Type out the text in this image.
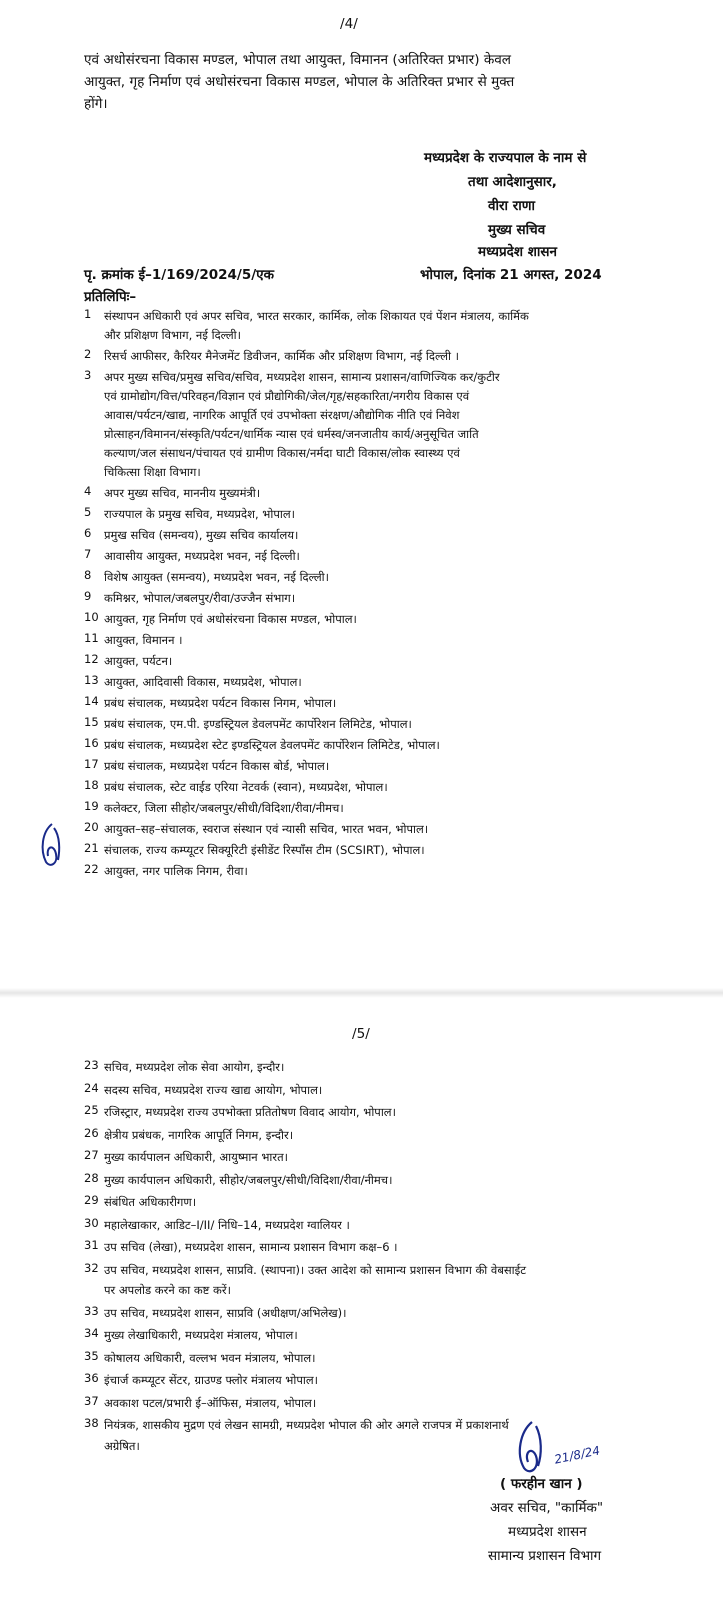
/4/
एवं अधोसंरचना विकास मण्डल, भोपाल तथा आयुक्त, विमानन (अतिरिक्त प्रभार) केवल
आयुक्त, गृह निर्माण एवं अधोसंरचना विकास मण्डल, भोपाल के अतिरिक्त प्रभार से मुक्त
होंगे।
मध्यप्रदेश के राज्यपाल के नाम से
तथा आदेशानुसार,
वीरा राणा
मुख्य सचिव
मध्यप्रदेश शासन
पृ. क्रमांक ई–1/169/2024/5/एक	भोपाल, दिनांक 21 अगस्त, 2024
प्रतिलिपिः–
1	संस्थापन अधिकारी एवं अपर सचिव, भारत सरकार, कार्मिक, लोक शिकायत एवं पेंशन मंत्रालय, कार्मिक
और प्रशिक्षण विभाग, नई दिल्ली।
2	रिसर्च आफीसर, कैरियर मैनेजमेंट डिवीजन, कार्मिक और प्रशिक्षण विभाग, नई दिल्ली ।
3	अपर मुख्य सचिव/प्रमुख सचिव/सचिव, मध्यप्रदेश शासन, सामान्य प्रशासन/वाणिज्यिक कर/कुटीर
एवं ग्रामोद्योग/वित्त/परिवहन/विज्ञान एवं प्रौद्योगिकी/जेल/गृह/सहकारिता/नगरीय विकास एवं
आवास/पर्यटन/खाद्य, नागरिक आपूर्ति एवं उपभोक्ता संरक्षण/औद्योगिक नीति एवं निवेश
प्रोत्साहन/विमानन/संस्कृति/पर्यटन/धार्मिक न्यास एवं धर्मस्व/जनजातीय कार्य/अनुसूचित जाति
कल्याण/जल संसाधन/पंचायत एवं ग्रामीण विकास/नर्मदा घाटी विकास/लोक स्वास्थ्य एवं
चिकित्सा शिक्षा विभाग।
4	अपर मुख्य सचिव, माननीय मुख्यमंत्री।
5	राज्यपाल के प्रमुख सचिव, मध्यप्रदेश, भोपाल।
6	प्रमुख सचिव (समन्वय), मुख्य सचिव कार्यालय।
7	आवासीय आयुक्त, मध्यप्रदेश भवन, नई दिल्ली।
8	विशेष आयुक्त (समन्वय), मध्यप्रदेश भवन, नई दिल्ली।
9	कमिश्नर, भोपाल/जबलपुर/रीवा/उज्जैन संभाग।
10 आयुक्त, गृह निर्माण एवं अधोसंरचना विकास मण्डल, भोपाल।
11 आयुक्त, विमानन ।
12 आयुक्त, पर्यटन।
13 आयुक्त, आदिवासी विकास, मध्यप्रदेश, भोपाल।
14 प्रबंध संचालक, मध्यप्रदेश पर्यटन विकास निगम, भोपाल।
15 प्रबंध संचालक, एम.पी. इण्डस्ट्रियल डेवलपमेंट कार्पोरेशन लिमिटेड, भोपाल।
16 प्रबंध संचालक, मध्यप्रदेश स्टेट इण्डस्ट्रियल डेवलपमेंट कार्पोरेशन लिमिटेड, भोपाल।
17 प्रबंध संचालक, मध्यप्रदेश पर्यटन विकास बोर्ड, भोपाल।
18 प्रबंध संचालक, स्टेट वाईड एरिया नेटवर्क (स्वान), मध्यप्रदेश, भोपाल।
19 कलेक्टर, जिला सीहोर/जबलपुर/सीधी/विदिशा/रीवा/नीमच।
20 आयुक्त–सह–संचालक, स्वराज संस्थान एवं न्यासी सचिव, भारत भवन, भोपाल।
21 संचालक, राज्य कम्प्यूटर सिक्यूरिटी इंसीडेंट रिस्पॉंस टीम (SCSIRT), भोपाल।
22 आयुक्त, नगर पालिक निगम, रीवा।
/5/
23 सचिव, मध्यप्रदेश लोक सेवा आयोग, इन्दौर।
24 सदस्य सचिव, मध्यप्रदेश राज्य खाद्य आयोग, भोपाल।
25 रजिस्ट्रार, मध्यप्रदेश राज्य उपभोक्ता प्रतितोषण विवाद आयोग, भोपाल।
26 क्षेत्रीय प्रबंधक, नागरिक आपूर्ति निगम, इन्दौर।
27 मुख्य कार्यपालन अधिकारी, आयुष्मान भारत।
28 मुख्य कार्यपालन अधिकारी, सीहोर/जबलपुर/सीधी/विदिशा/रीवा/नीमच।
29 संबंधित अधिकारीगण।
30 महालेखाकार, आडिट–I/II/ निधि–14, मध्यप्रदेश ग्वालियर ।
31 उप सचिव (लेखा), मध्यप्रदेश शासन, सामान्य प्रशासन विभाग कक्ष–6 ।
32 उप सचिव, मध्यप्रदेश शासन, साप्रवि. (स्थापना)। उक्त आदेश को सामान्य प्रशासन विभाग की वेबसाईट
पर अपलोड करने का कष्ट करें।
33 उप सचिव, मध्यप्रदेश शासन, साप्रवि (अधीक्षण/अभिलेख)।
34 मुख्य लेखाधिकारी, मध्यप्रदेश मंत्रालय, भोपाल।
35 कोषालय अधिकारी, वल्लभ भवन मंत्रालय, भोपाल।
36 इंचार्ज कम्प्यूटर सेंटर, ग्राउण्ड फ्लोर मंत्रालय भोपाल।
37 अवकाश पटल/प्रभारी ई–ऑफिस, मंत्रालय, भोपाल।
38 नियंत्रक, शासकीय मुद्रण एवं लेखन सामग्री, मध्यप्रदेश भोपाल की ओर अगले राजपत्र में प्रकाशनार्थ
अग्रेषित।	21/8/24
( फरहीन खान )
अवर सचिव, "कार्मिक"
मध्यप्रदेश शासन
सामान्य प्रशासन विभाग
